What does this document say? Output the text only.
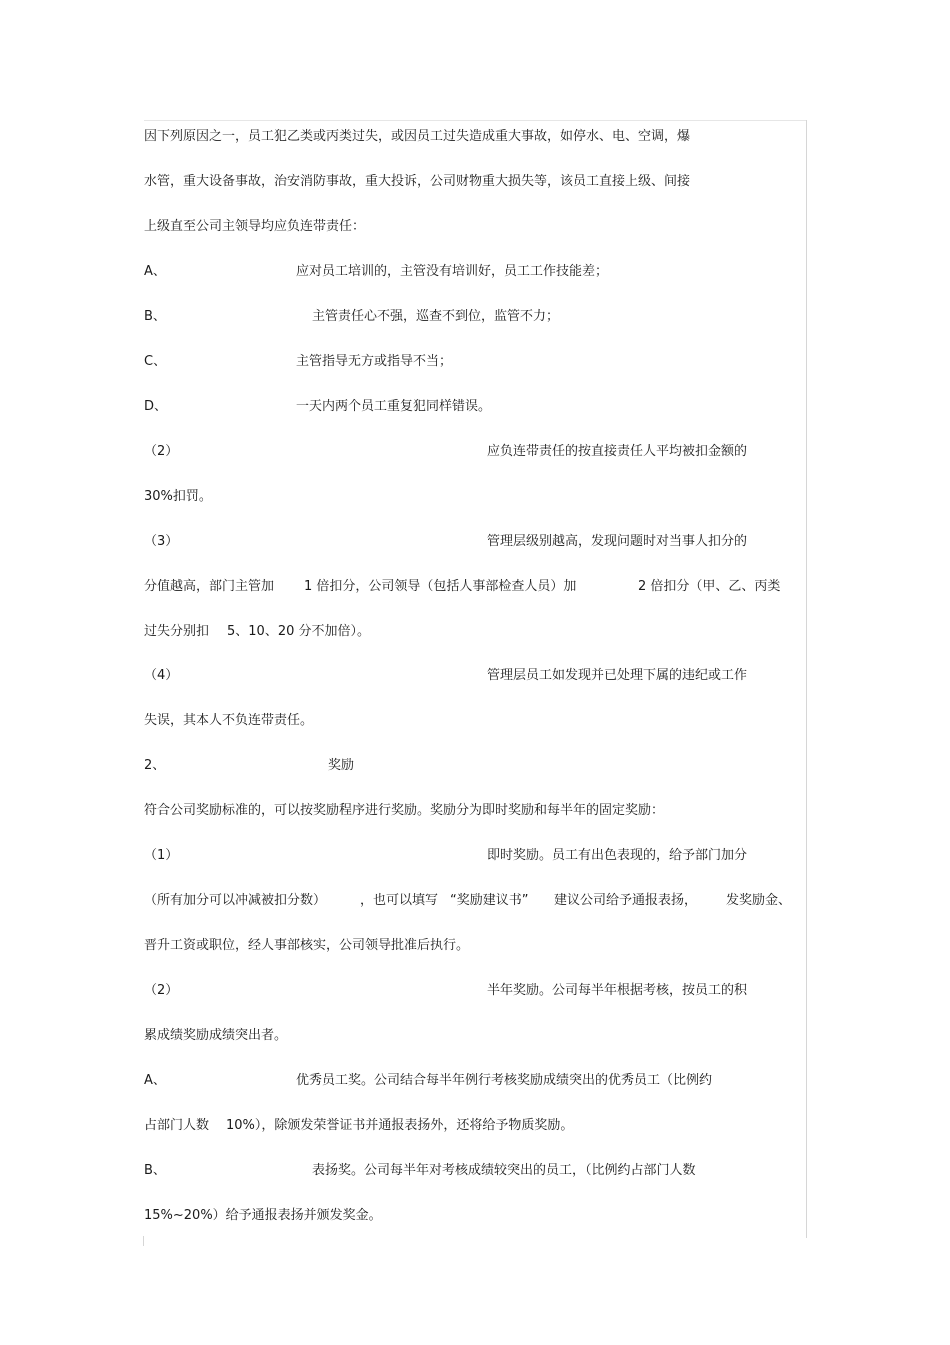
因下列原因之一，员工犯乙类或丙类过失，或因员工过失造成重大事故，如停水、电、空调，爆
水管，重大设备事故，治安消防事故，重大投诉，公司财物重大损失等，该员工直接上级、间接
上级直至公司主领导均应负连带责任：
A、	应对员工培训的，主管没有培训好，员工工作技能差；
B、	主管责任心不强，巡查不到位，监管不力；
C、	主管指导无方或指导不当；
D、	一天内两个员工重复犯同样错误。
（2）	应负连带责任的按直接责任人平均被扣金额的
30%扣罚。
（3）	管理层级别越高，发现问题时对当事人扣分的
分值越高，部门主管加 1 倍扣分，公司领导（包括人事部检查人员）加	2 倍扣分（甲、乙、丙类
过失分别扣 5、10、20 分不加倍）。
（4）	管理层员工如发现并已处理下属的违纪或工作
失误，其本人不负连带责任。
2、	奖励
符合公司奖励标准的，可以按奖励程序进行奖励。奖励分为即时奖励和每半年的固定奖励：
（1）	即时奖励。员工有出色表现的，给予部门加分
（所有加分可以冲减被扣分数）	，也可以填写 “奖励建议书” 建议公司给予通报表扬， 发奖励金、
晋升工资或职位，经人事部核实，公司领导批准后执行。
（2）	半年奖励。公司每半年根据考核，按员工的积
累成绩奖励成绩突出者。
A、	优秀员工奖。公司结合每半年例行考核奖励成绩突出的优秀员工（比例约
占部门人数 10%），除颁发荣誉证书并通报表扬外，还将给予物质奖励。
B、	表扬奖。公司每半年对考核成绩较突出的员工，（比例约占部门人数
15%~20%）给予通报表扬并颁发奖金。
